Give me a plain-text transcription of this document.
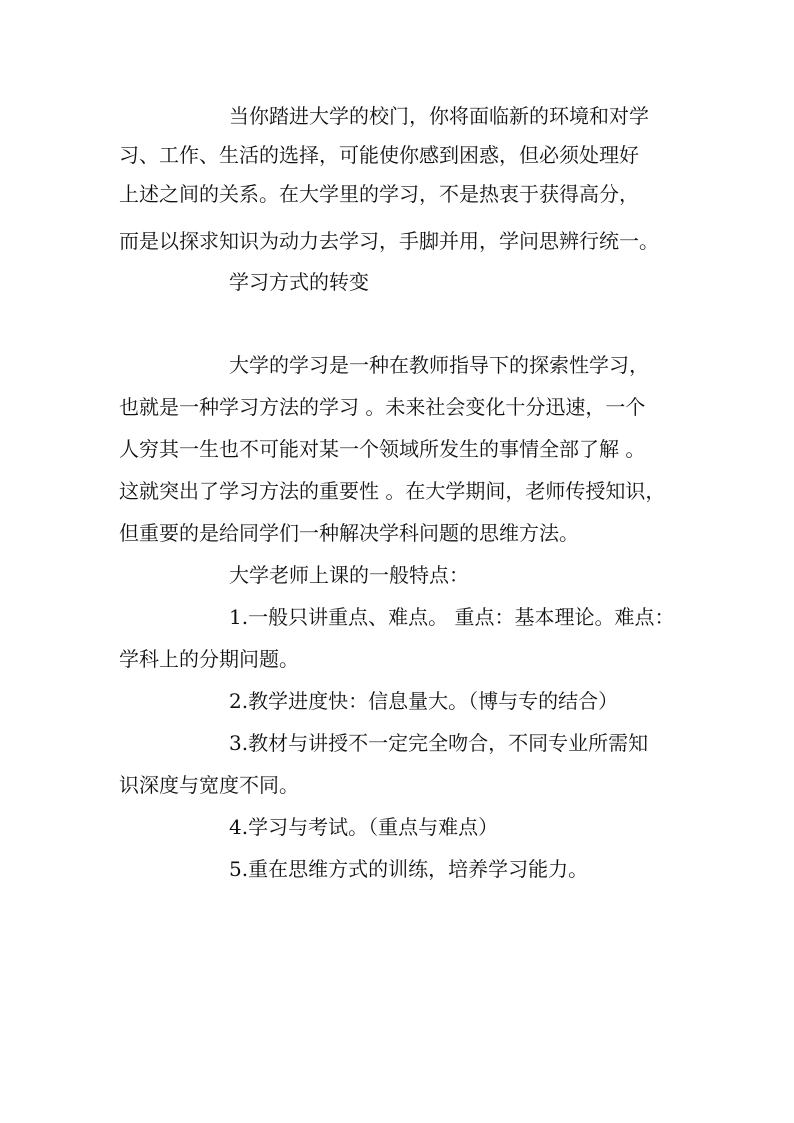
当你踏进大学的校门，你将面临新的环境和对学
习、工作、生活的选择，可能使你感到困惑，但必须处理好
上述之间的关系。在大学里的学习，不是热衷于获得高分，
而是以探求知识为动力去学习，手脚并用，学问思辨行统一。
学习方式的转变
大学的学习是一种在教师指导下的探索性学习，
也就是一种学习方法的学习 。未来社会变化十分迅速，一个
人穷其一生也不可能对某一个领域所发生的事情全部了解 。
这就突出了学习方法的重要性 。在大学期间，老师传授知识，
但重要的是给同学们一种解决学科问题的思维方法。
大学老师上课的一般特点：
1.一般只讲重点、难点。 重点：基本理论。难点：
学科上的分期问题。
2.教学进度快：信息量大。（博与专的结合）
3.教材与讲授不一定完全吻合，不同专业所需知
识深度与宽度不同。
4.学习与考试。（重点与难点）
5.重在思维方式的训练，培养学习能力。
